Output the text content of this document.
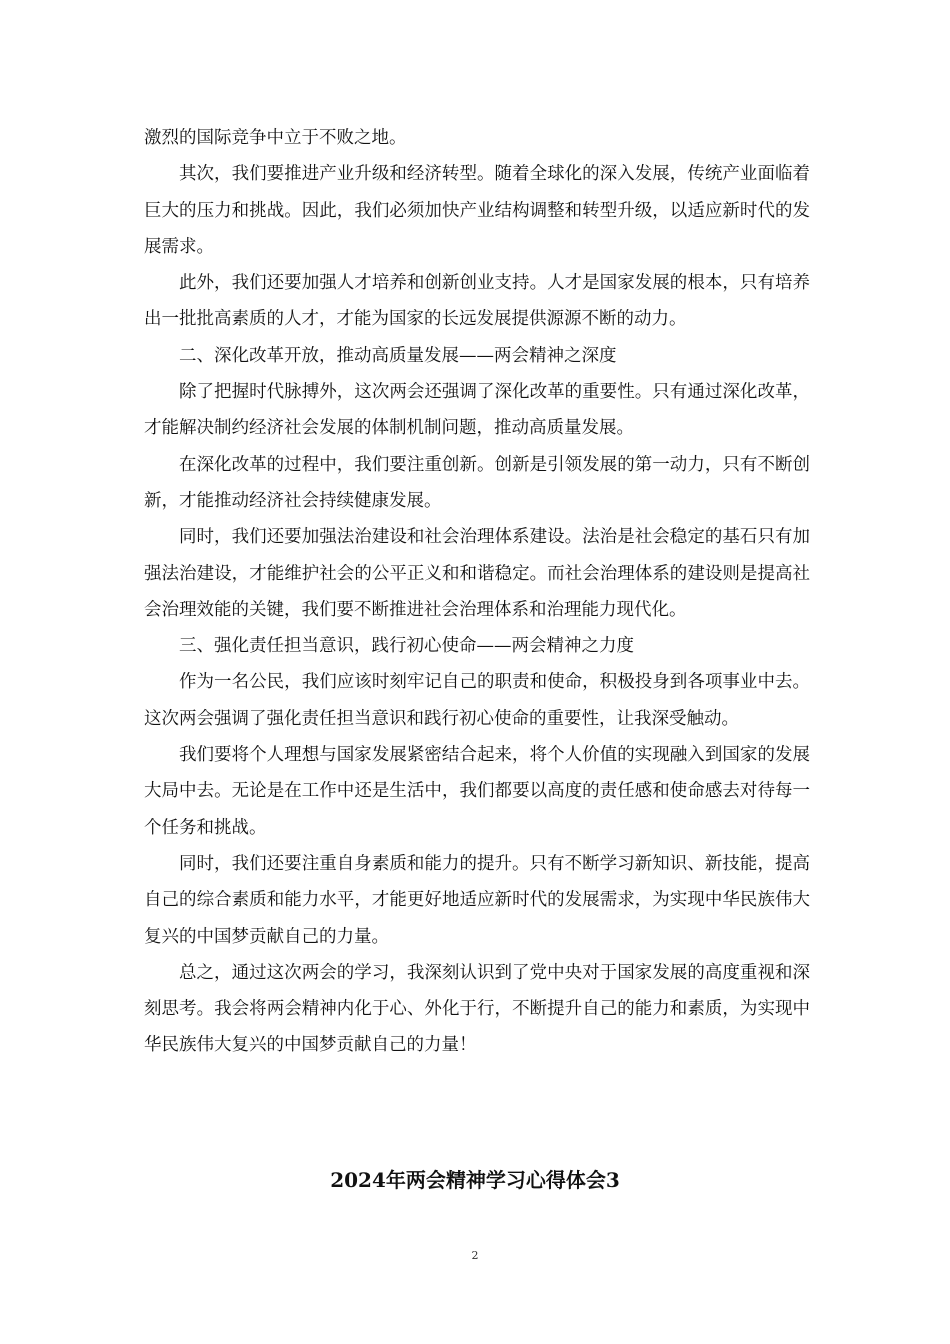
激烈的国际竞争中立于不败之地。

其次，我们要推进产业升级和经济转型。随着全球化的深入发展，传统产业面临着巨大的压力和挑战。因此，我们必须加快产业结构调整和转型升级，以适应新时代的发展需求。

此外，我们还要加强人才培养和创新创业支持。人才是国家发展的根本，只有培养出一批批高素质的人才，才能为国家的长远发展提供源源不断的动力。

二、深化改革开放，推动高质量发展——两会精神之深度

除了把握时代脉搏外，这次两会还强调了深化改革的重要性。只有通过深化改革，才能解决制约经济社会发展的体制机制问题，推动高质量发展。

在深化改革的过程中，我们要注重创新。创新是引领发展的第一动力，只有不断创新，才能推动经济社会持续健康发展。

同时，我们还要加强法治建设和社会治理体系建设。法治是社会稳定的基石只有加强法治建设，才能维护社会的公平正义和和谐稳定。而社会治理体系的建设则是提高社会治理效能的关键，我们要不断推进社会治理体系和治理能力现代化。

三、强化责任担当意识，践行初心使命——两会精神之力度

作为一名公民，我们应该时刻牢记自己的职责和使命，积极投身到各项事业中去。这次两会强调了强化责任担当意识和践行初心使命的重要性，让我深受触动。

我们要将个人理想与国家发展紧密结合起来，将个人价值的实现融入到国家的发展大局中去。无论是在工作中还是生活中，我们都要以高度的责任感和使命感去对待每一个任务和挑战。

同时，我们还要注重自身素质和能力的提升。只有不断学习新知识、新技能，提高自己的综合素质和能力水平，才能更好地适应新时代的发展需求，为实现中华民族伟大复兴的中国梦贡献自己的力量。

总之，通过这次两会的学习，我深刻认识到了党中央对于国家发展的高度重视和深刻思考。我会将两会精神内化于心、外化于行，不断提升自己的能力和素质，为实现中华民族伟大复兴的中国梦贡献自己的力量！

2024年两会精神学习心得体会3
2
